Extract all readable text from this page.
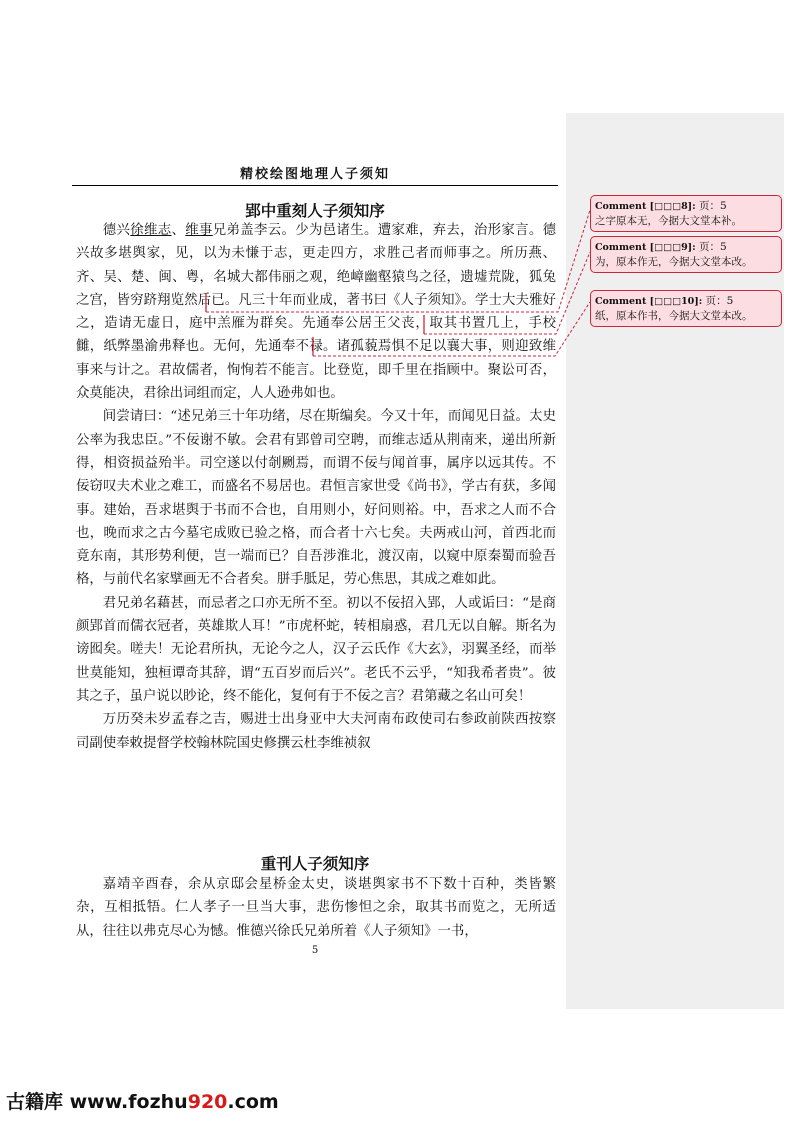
精校绘图地理人子须知
郢中重刻人子须知序

德兴徐维志、维事兄弟盖李云。少为邑诸生。遭家难，弃去，治形家言。德兴故多堪舆家，见，以为未慊于志，更走四方，求胜己者而师事之。所历燕、齐、吴、楚、闽、粤，名城大都伟丽之观，绝嶂幽壑猿鸟之径，遗墟荒陇，狐兔之宫，皆穷跻翔览然后已。凡三十年而业成，著书曰《人子须知》。学士大夫雅好之，造请无虚日，庭中羔雁为群矣。先通奉公居王父丧，取其书置几上，手校雠，纸弊墨渝弗释也。无何，先通奉不禄。诸孤藐焉惧不足以襄大事，则迎致维事来与计之。君故儒者，恂恂若不能言。比登览，即千里在指顾中。聚讼可否，众莫能决，君徐出词组而定，人人逊弗如也。

间尝请曰：“述兄弟三十年功绪，尽在斯编矣。今又十年，而闻见日益。太史公率为我忠臣。”不佞谢不敏。会君有郢曾司空聘，而维志适从荆南来，递出所新得，相资损益殆半。司空遂以付剞劂焉，而谓不佞与闻首事，属序以远其传。不佞窃叹夫术业之难工，而盛名不易居也。君恒言家世受《尚书》，学古有获，多闻事。建始，吾求堪舆于书而不合也，自用则小，好问则裕。中，吾求之人而不合也，晚而求之古今墓宅成败已验之格，而合者十六七矣。夫两戒山河，首西北而竟东南，其形势利便，岂一端而已？自吾涉淮北，渡汉南，以窥中原秦蜀而验吾格，与前代名家擘画无不合者矣。胼手胝足，劳心焦思，其成之难如此。

君兄弟名藉甚，而忌者之口亦无所不至。初以不佞招入郢，人或诟曰：“是商颜郢首而儒衣冠者，英雄欺人耳！”市虎杯蛇，转相扇惑，君几无以自解。斯名为谤囮矣。嗟夫！无论君所执，无论今之人，汉子云氏作《大玄》，羽翼圣经，而举世莫能知，独桓谭奇其辞，谓“五百岁而后兴”。老氏不云乎，“知我希者贵”。彼其之子，虽户说以眇论，终不能化，复何有于不佞之言？君第藏之名山可矣！

万历癸未岁孟春之吉，赐进士出身亚中大夫河南布政使司右参政前陕西按察司副使奉敕提督学校翰林院国史修撰云杜李维祯叙

重刊人子须知序

嘉靖辛酉春，余从京邸会星桥金太史，谈堪舆家书不下数十百种，类皆繁杂，互相抵牾。仁人孝子一旦当大事，悲伤惨怛之余，取其书而览之，无所适从，往往以弗克尽心为憾。惟德兴徐氏兄弟所着《人子须知》一书，

5
Comment [□□□8]: 页：5
之字原本无，今据大文堂本补。
Comment [□□□9]: 页：5
为，原本作无，今据大文堂本改。
Comment [□□□10]: 页：5
纸，原本作书，今据大文堂本改。
古籍库 www.fozhu920.com
